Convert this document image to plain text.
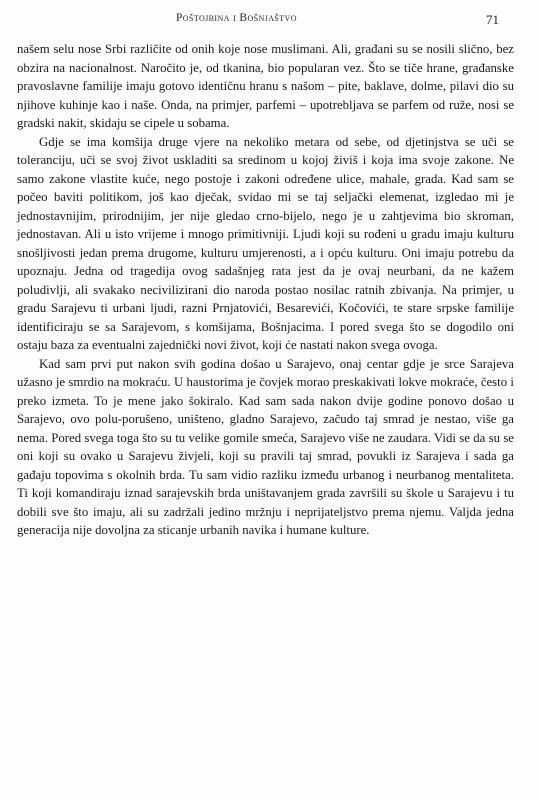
Poštojbina i Bošnjaštvo	71

našem selu nose Srbi različite od onih koje nose muslimani. Ali, građani su se nosili slično, bez obzira na nacionalnost. Naročito je, od tkanina, bio popularan vez. Što se tiče hrane, građanske pravoslavne familije imaju gotovo identičnu hranu s našom – pite, baklave, dolme, pilavi dio su njihove kuhinje kao i naše. Onda, na primjer, parfemi – upotrebljava se parfem od ruže, nosi se gradski nakit, skidaju se cipele u sobama.

Gdje se ima komšija druge vjere na nekoliko metara od sebe, od djetinjstva se uči se toleranciju, uči se svoj život uskladiti sa sredinom u kojoj živiš i koja ima svoje zakone. Ne samo zakone vlastite kuće, nego postoje i zakoni određene ulice, mahale, grada. Kad sam se počeo baviti politikom, još kao dječak, svidao mi se taj seljački elemenat, izgledao mi je jednostavnijim, prirodnijim, jer nije gledao crno-bijelo, nego je u zahtjevima bio skroman, jednostavan. Ali u isto vrijeme i mnogo primitivniji. Ljudi koji su rođeni u gradu imaju kulturu snošljivosti jedan prema drugome, kulturu umjerenosti, a i opću kulturu. Oni imaju potrebu da upoznaju. Jedna od tragedija ovog sadašnjeg rata jest da je ovaj neurbani, da ne kažem poludivlji, ali svakako necivilizirani dio naroda postao nosilac ratnih zbivanja. Na primjer, u gradu Sarajevu ti urbani ljudi, razni Prnjatovići, Besarevići, Kočovići, te stare srpske familije identificiraju se sa Sarajevom, s komšijama, Bošnjacima. I pored svega što se dogodilo oni ostaju baza za eventualni zajednički novi život, koji će nastati nakon svega ovoga.

Kad sam prvi put nakon svih godina došao u Sarajevo, onaj centar gdje je srce Sarajeva užasno je smrdio na mokraću. U haustorima je čovjek morao preskakivati lokve mokraće, često i preko izmeta. To je mene jako šokiralo. Kad sam sada nakon dvije godine ponovo došao u Sarajevo, ovo polu-porušeno, uništeno, gladno Sarajevo, začudo taj smrad je nestao, više ga nema. Pored svega toga što su tu velike gomile smeća, Sarajevo više ne zaudara. Vidi se da su se oni koji su ovako u Sarajevu živjeli, koji su pravili taj smrad, povukli iz Sarajeva i sada ga gađaju topovima s okolnih brda. Tu sam vidio razliku između urbanog i neurbanog mentaliteta. Ti koji komandiraju iznad sarajevskih brda uništavanjem grada završili su škole u Sarajevu i tu dobili sve što imaju, ali su zadržali jedino mržnju i neprijateljstvo prema njemu. Valjda jedna generacija nije dovoljna za sticanje urbanih navika i humane kulture.
